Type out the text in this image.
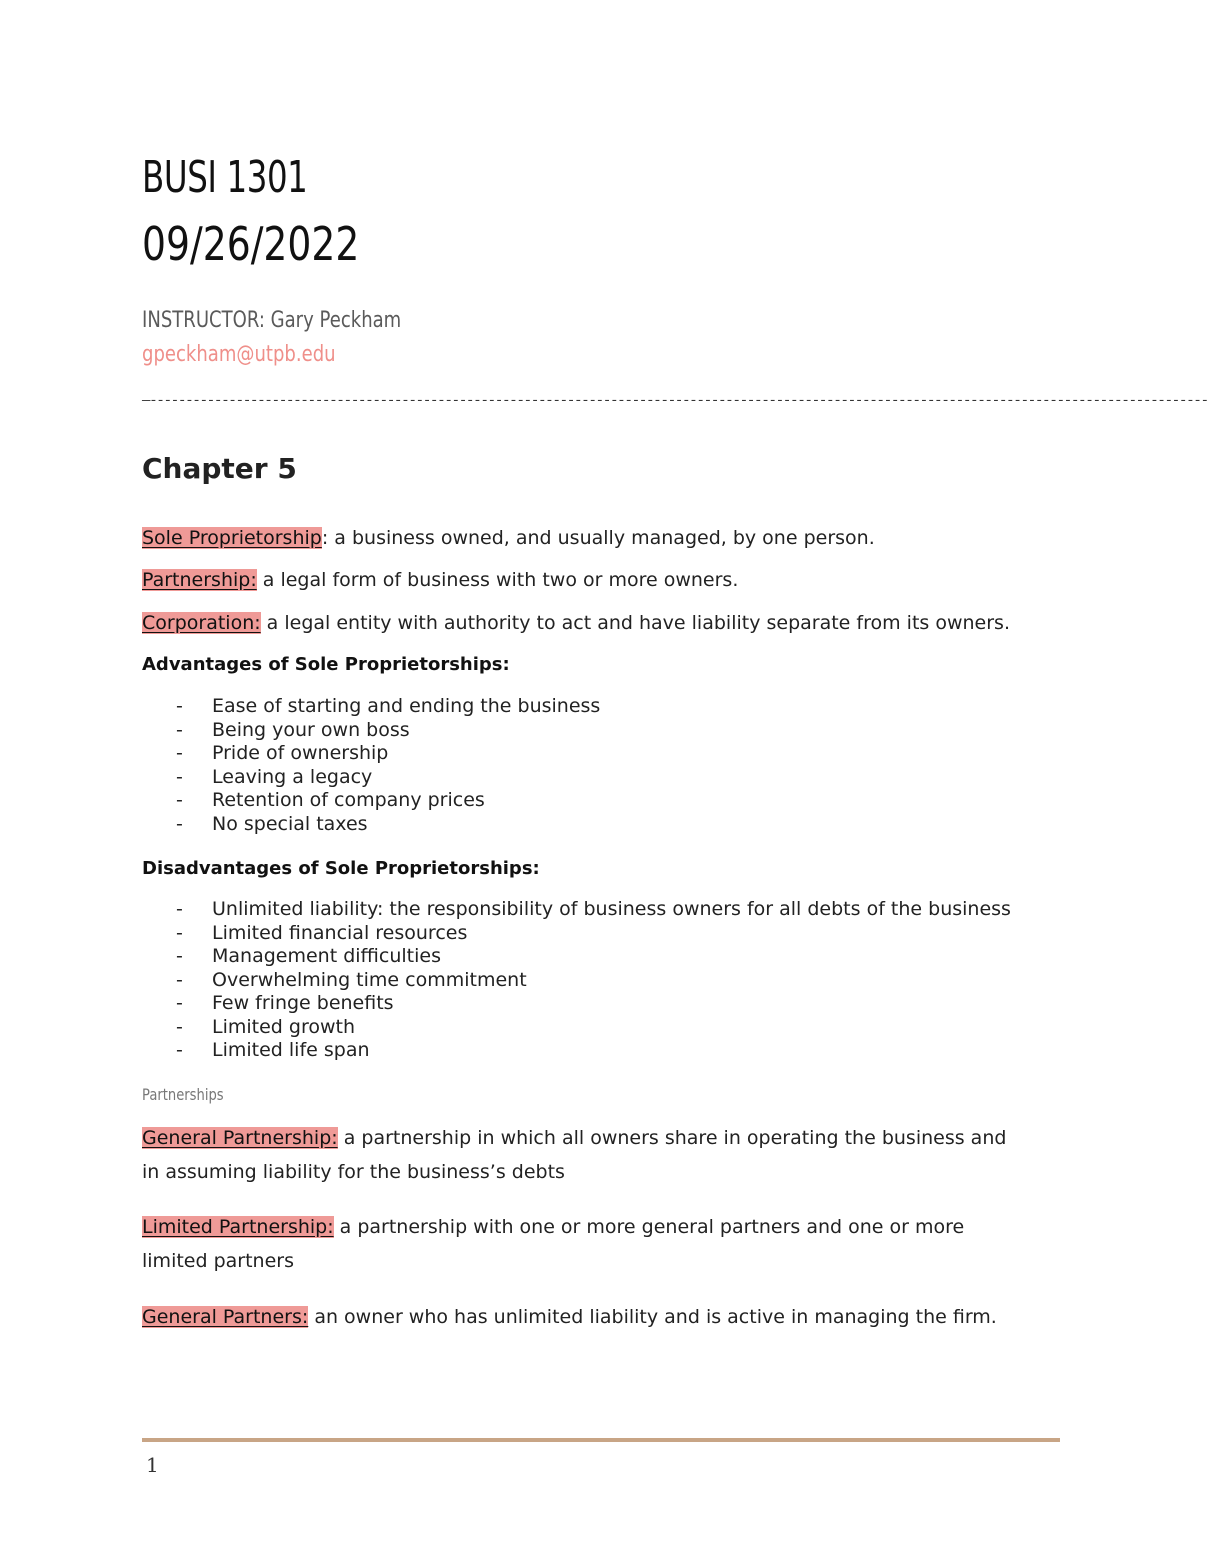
BUSI 1301
09/26/2022
INSTRUCTOR: Gary Peckham
gpeckham@utpb.edu
—---------------------------------------------------------------------------------------------------------------------------------------------------
Chapter 5
Sole Proprietorship: a business owned, and usually managed, by one person.
Partnership: a legal form of business with two or more owners.
Corporation: a legal entity with authority to act and have liability separate from its owners.
Advantages of Sole Proprietorships:
- Ease of starting and ending the business
- Being your own boss
- Pride of ownership
- Leaving a legacy
- Retention of company prices
- No special taxes
Disadvantages of Sole Proprietorships:
- Unlimited liability: the responsibility of business owners for all debts of the business
- Limited financial resources
- Management difficulties
- Overwhelming time commitment
- Few fringe benefits
- Limited growth
- Limited life span
Partnerships
General Partnership: a partnership in which all owners share in operating the business and in assuming liability for the business’s debts
Limited Partnership: a partnership with one or more general partners and one or more limited partners
General Partners: an owner who has unlimited liability and is active in managing the firm.
1
